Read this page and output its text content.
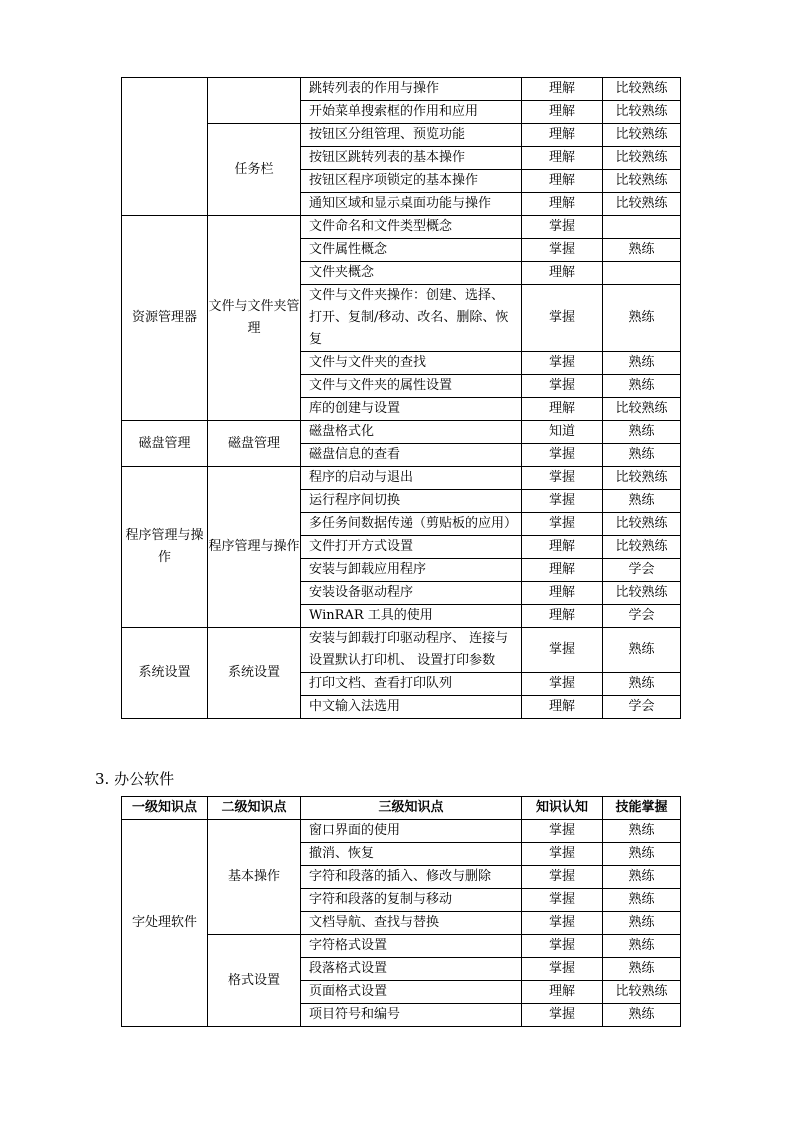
		跳转列表的作用与操作	理解	比较熟练
		开始菜单搜索框的作用和应用	理解	比较熟练
	任务栏	按钮区分组管理、预览功能	理解	比较熟练
		按钮区跳转列表的基本操作	理解	比较熟练
		按钮区程序项锁定的基本操作	理解	比较熟练
		通知区域和显示桌面功能与操作	理解	比较熟练
资源管理器	文件与文件夹管理	文件命名和文件类型概念	掌握	
		文件属性概念	掌握	熟练
		文件夹概念	理解	
		文件与文件夹操作：创建、选择、打开、复制/移动、改名、删除、恢复	掌握	熟练
		文件与文件夹的查找	掌握	熟练
		文件与文件夹的属性设置	掌握	熟练
		库的创建与设置	理解	比较熟练
磁盘管理	磁盘管理	磁盘格式化	知道	熟练
		磁盘信息的查看	掌握	熟练
程序管理与操作	程序管理与操作	程序的启动与退出	掌握	比较熟练
		运行程序间切换	掌握	熟练
		多任务间数据传递（剪贴板的应用）	掌握	比较熟练
		文件打开方式设置	理解	比较熟练
		安装与卸载应用程序	理解	学会
		安装设备驱动程序	理解	比较熟练
		WinRAR 工具的使用	理解	学会
系统设置	系统设置	安装与卸载打印驱动程序、 连接与设置默认打印机、 设置打印参数	掌握	熟练
		打印文档、查看打印队列	掌握	熟练
		中文输入法选用	理解	学会
3. 办公软件
一级知识点	二级知识点	三级知识点	知识认知	技能掌握
字处理软件	基本操作	窗口界面的使用	掌握	熟练
		撤消、恢复	掌握	熟练
		字符和段落的插入、修改与删除	掌握	熟练
		字符和段落的复制与移动	掌握	熟练
		文档导航、查找与替换	掌握	熟练
	格式设置	字符格式设置	掌握	熟练
		段落格式设置	掌握	熟练
		页面格式设置	理解	比较熟练
		项目符号和编号	掌握	熟练
